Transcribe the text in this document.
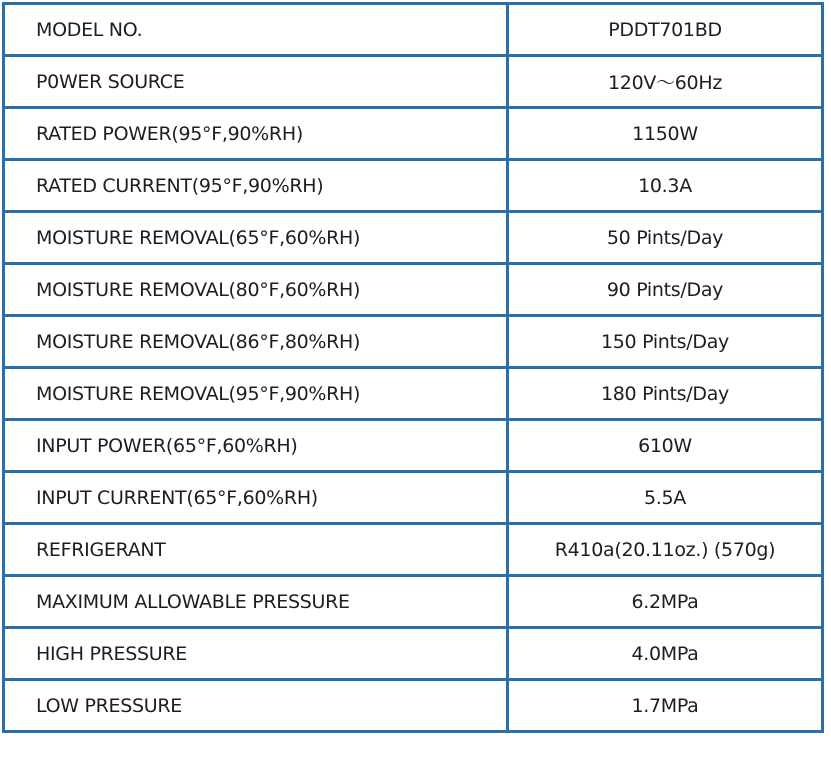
MODEL NO.	PDDT701BD
P0WER SOURCE	120V〜60Hz
RATED POWER(95°F,90%RH)	1150W
RATED CURRENT(95°F,90%RH)	10.3A
MOISTURE REMOVAL(65°F,60%RH)	50 Pints/Day
MOISTURE REMOVAL(80°F,60%RH)	90 Pints/Day
MOISTURE REMOVAL(86°F,80%RH)	150 Pints/Day
MOISTURE REMOVAL(95°F,90%RH)	180 Pints/Day
INPUT POWER(65°F,60%RH)	610W
INPUT CURRENT(65°F,60%RH)	5.5A
REFRIGERANT	R410a(20.11oz.) (570g)
MAXIMUM ALLOWABLE PRESSURE	6.2MPa
HIGH PRESSURE	4.0MPa
LOW PRESSURE	1.7MPa
